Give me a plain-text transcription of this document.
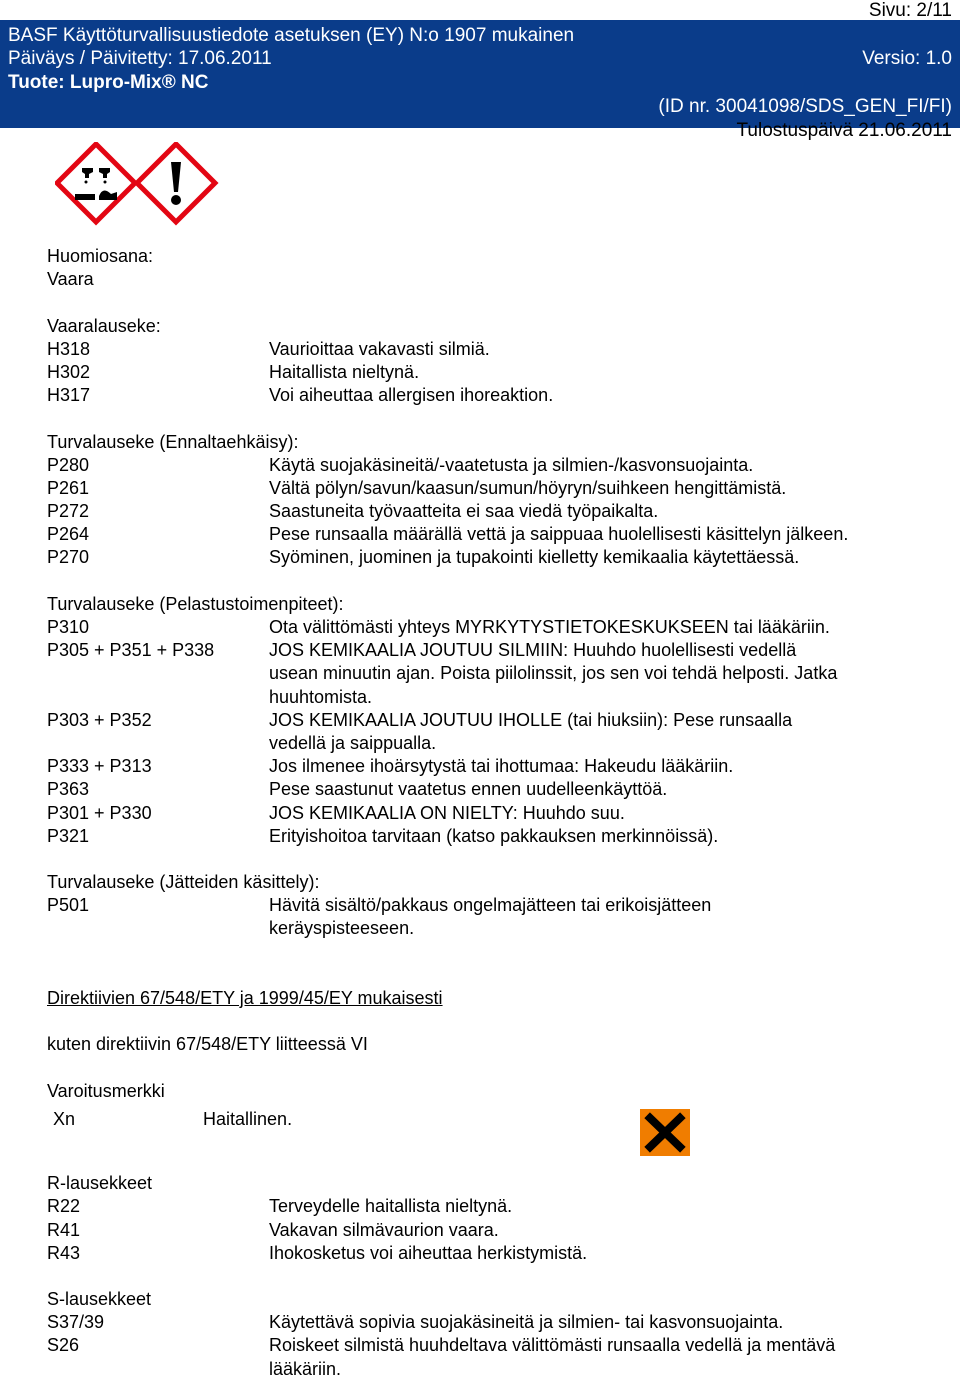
Sivu: 2/11
BASF Käyttöturvallisuustiedote asetuksen (EY) N:o 1907 mukainen
Päiväys / Päivitetty: 17.06.2011	Versio: 1.0
Tuote: Lupro-Mix® NC
(ID nr. 30041098/SDS_GEN_FI/FI)
Tulostuspäivä 21.06.2011
Huomiosana:
Vaara
Vaaralauseke:
H318	Vaurioittaa vakavasti silmiä.
H302	Haitallista nieltynä.
H317	Voi aiheuttaa allergisen ihoreaktion.
Turvalauseke (Ennaltaehkäisy):
P280	Käytä suojakäsineitä/-vaatetusta ja silmien-/kasvonsuojainta.
P261	Vältä pölyn/savun/kaasun/sumun/höyryn/suihkeen hengittämistä.
P272	Saastuneita työvaatteita ei saa viedä työpaikalta.
P264	Pese runsaalla määrällä vettä ja saippuaa huolellisesti käsittelyn jälkeen.
P270	Syöminen, juominen ja tupakointi kielletty kemikaalia käytettäessä.
Turvalauseke (Pelastustoimenpiteet):
P310	Ota välittömästi yhteys MYRKYTYSTIETOKESKUKSEEN tai lääkäriin.
P305 + P351 + P338	JOS KEMIKAALIA JOUTUU SILMIIN: Huuhdo huolellisesti vedellä
usean minuutin ajan. Poista piilolinssit, jos sen voi tehdä helposti. Jatka
huuhtomista.
P303 + P352	JOS KEMIKAALIA JOUTUU IHOLLE (tai hiuksiin): Pese runsaalla
vedellä ja saippualla.
P333 + P313	Jos ilmenee ihoärsytystä tai ihottumaa: Hakeudu lääkäriin.
P363	Pese saastunut vaatetus ennen uudelleenkäyttöä.
P301 + P330	JOS KEMIKAALIA ON NIELTY: Huuhdo suu.
P321	Erityishoitoa tarvitaan (katso pakkauksen merkinnöissä).
Turvalauseke (Jätteiden käsittely):
P501	Hävitä sisältö/pakkaus ongelmajätteen tai erikoisjätteen
keräyspisteeseen.
Direktiivien 67/548/ETY ja 1999/45/EY mukaisesti
kuten direktiivin 67/548/ETY liitteessä VI
Varoitusmerkki
R-lausekkeet
R22	Terveydelle haitallista nieltynä.
R41	Vakavan silmävaurion vaara.
R43	Ihokosketus voi aiheuttaa herkistymistä.
S-lausekkeet
S37/39	Käytettävä sopivia suojakäsineitä ja silmien- tai kasvonsuojainta.
S26	Roiskeet silmistä huuhdeltava välittömästi runsaalla vedellä ja mentävä
lääkäriin.
Xn	Haitallinen.
